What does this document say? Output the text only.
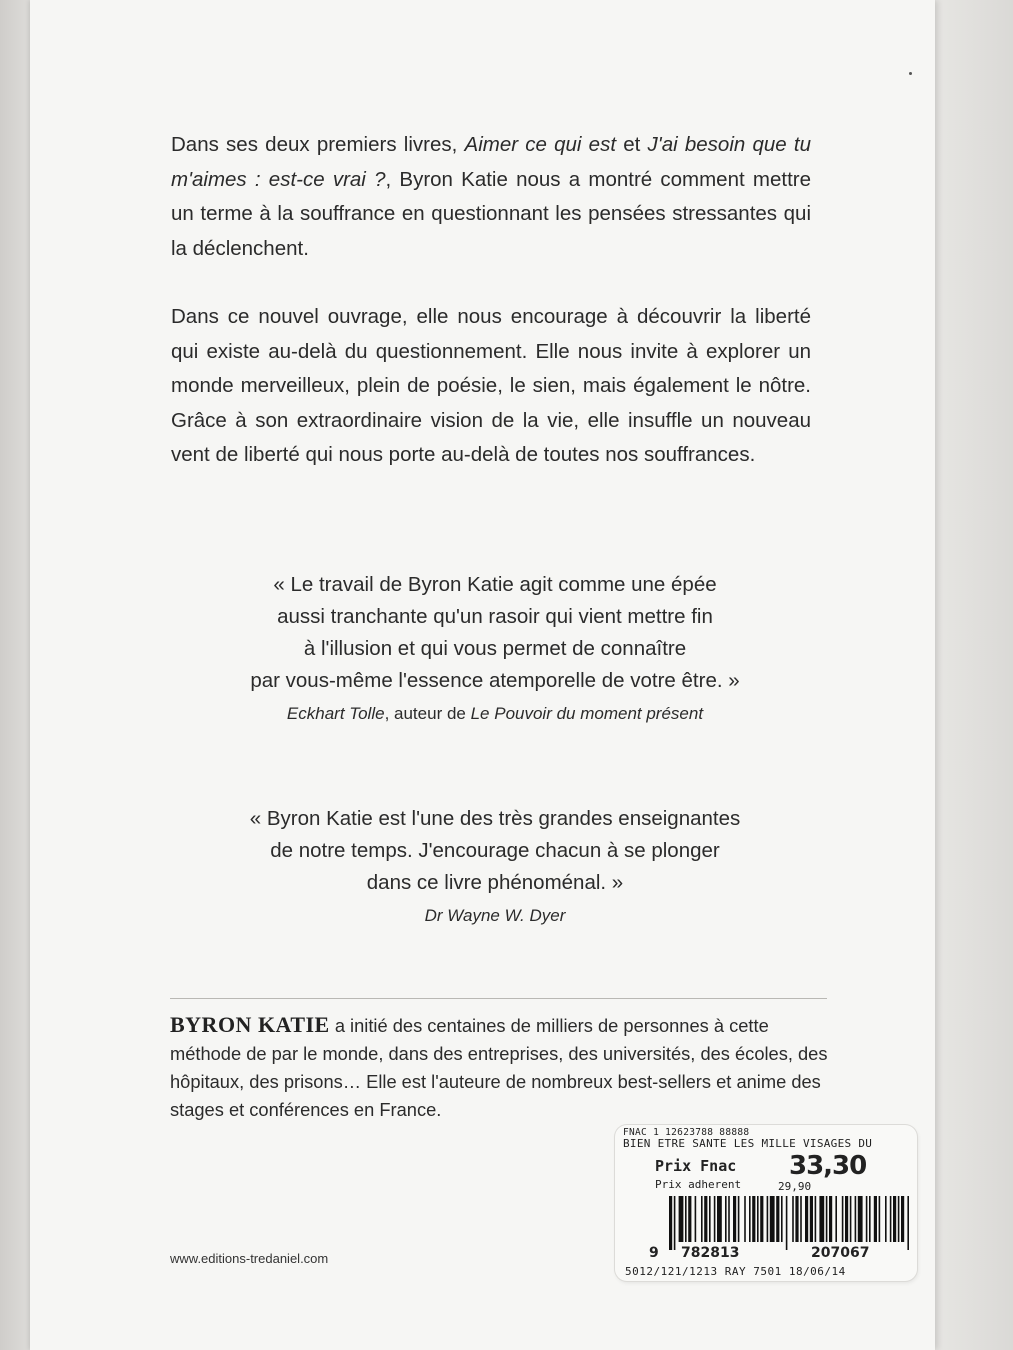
Dans ses deux premiers livres, Aimer ce qui est et J'ai besoin que tu m'aimes : est-ce vrai ?, Byron Katie nous a montré comment mettre un terme à la souffrance en questionnant les pensées stressantes qui la déclenchent.

Dans ce nouvel ouvrage, elle nous encourage à découvrir la liberté qui existe au-delà du questionnement. Elle nous invite à explorer un monde merveilleux, plein de poésie, le sien, mais également le nôtre. Grâce à son extraordinaire vision de la vie, elle insuffle un nouveau vent de liberté qui nous porte au-delà de toutes nos souffrances.

« Le travail de Byron Katie agit comme une épée
aussi tranchante qu'un rasoir qui vient mettre fin
à l'illusion et qui vous permet de connaître
par vous-même l'essence atemporelle de votre être. »
Eckhart Tolle, auteur de Le Pouvoir du moment présent
« Byron Katie est l'une des très grandes enseignantes
de notre temps. J'encourage chacun à se plonger
dans ce livre phénoménal. »
Dr Wayne W. Dyer
BYRON KATIE a initié des centaines de milliers de personnes à cette méthode de par le monde, dans des entreprises, des universités, des écoles, des hôpitaux, des prisons… Elle est l'auteure de nombreux best-sellers et anime des stages et conférences en France.
www.editions-tredaniel.com
FNAC 1 12623788 88888
BIEN ETRE SANTE LES MILLE VISAGES DU
Prix Fnac 33,30
Prix adherent	29,90
9 782813	207067
5012/121/1213 RAY 7501 18/06/14
